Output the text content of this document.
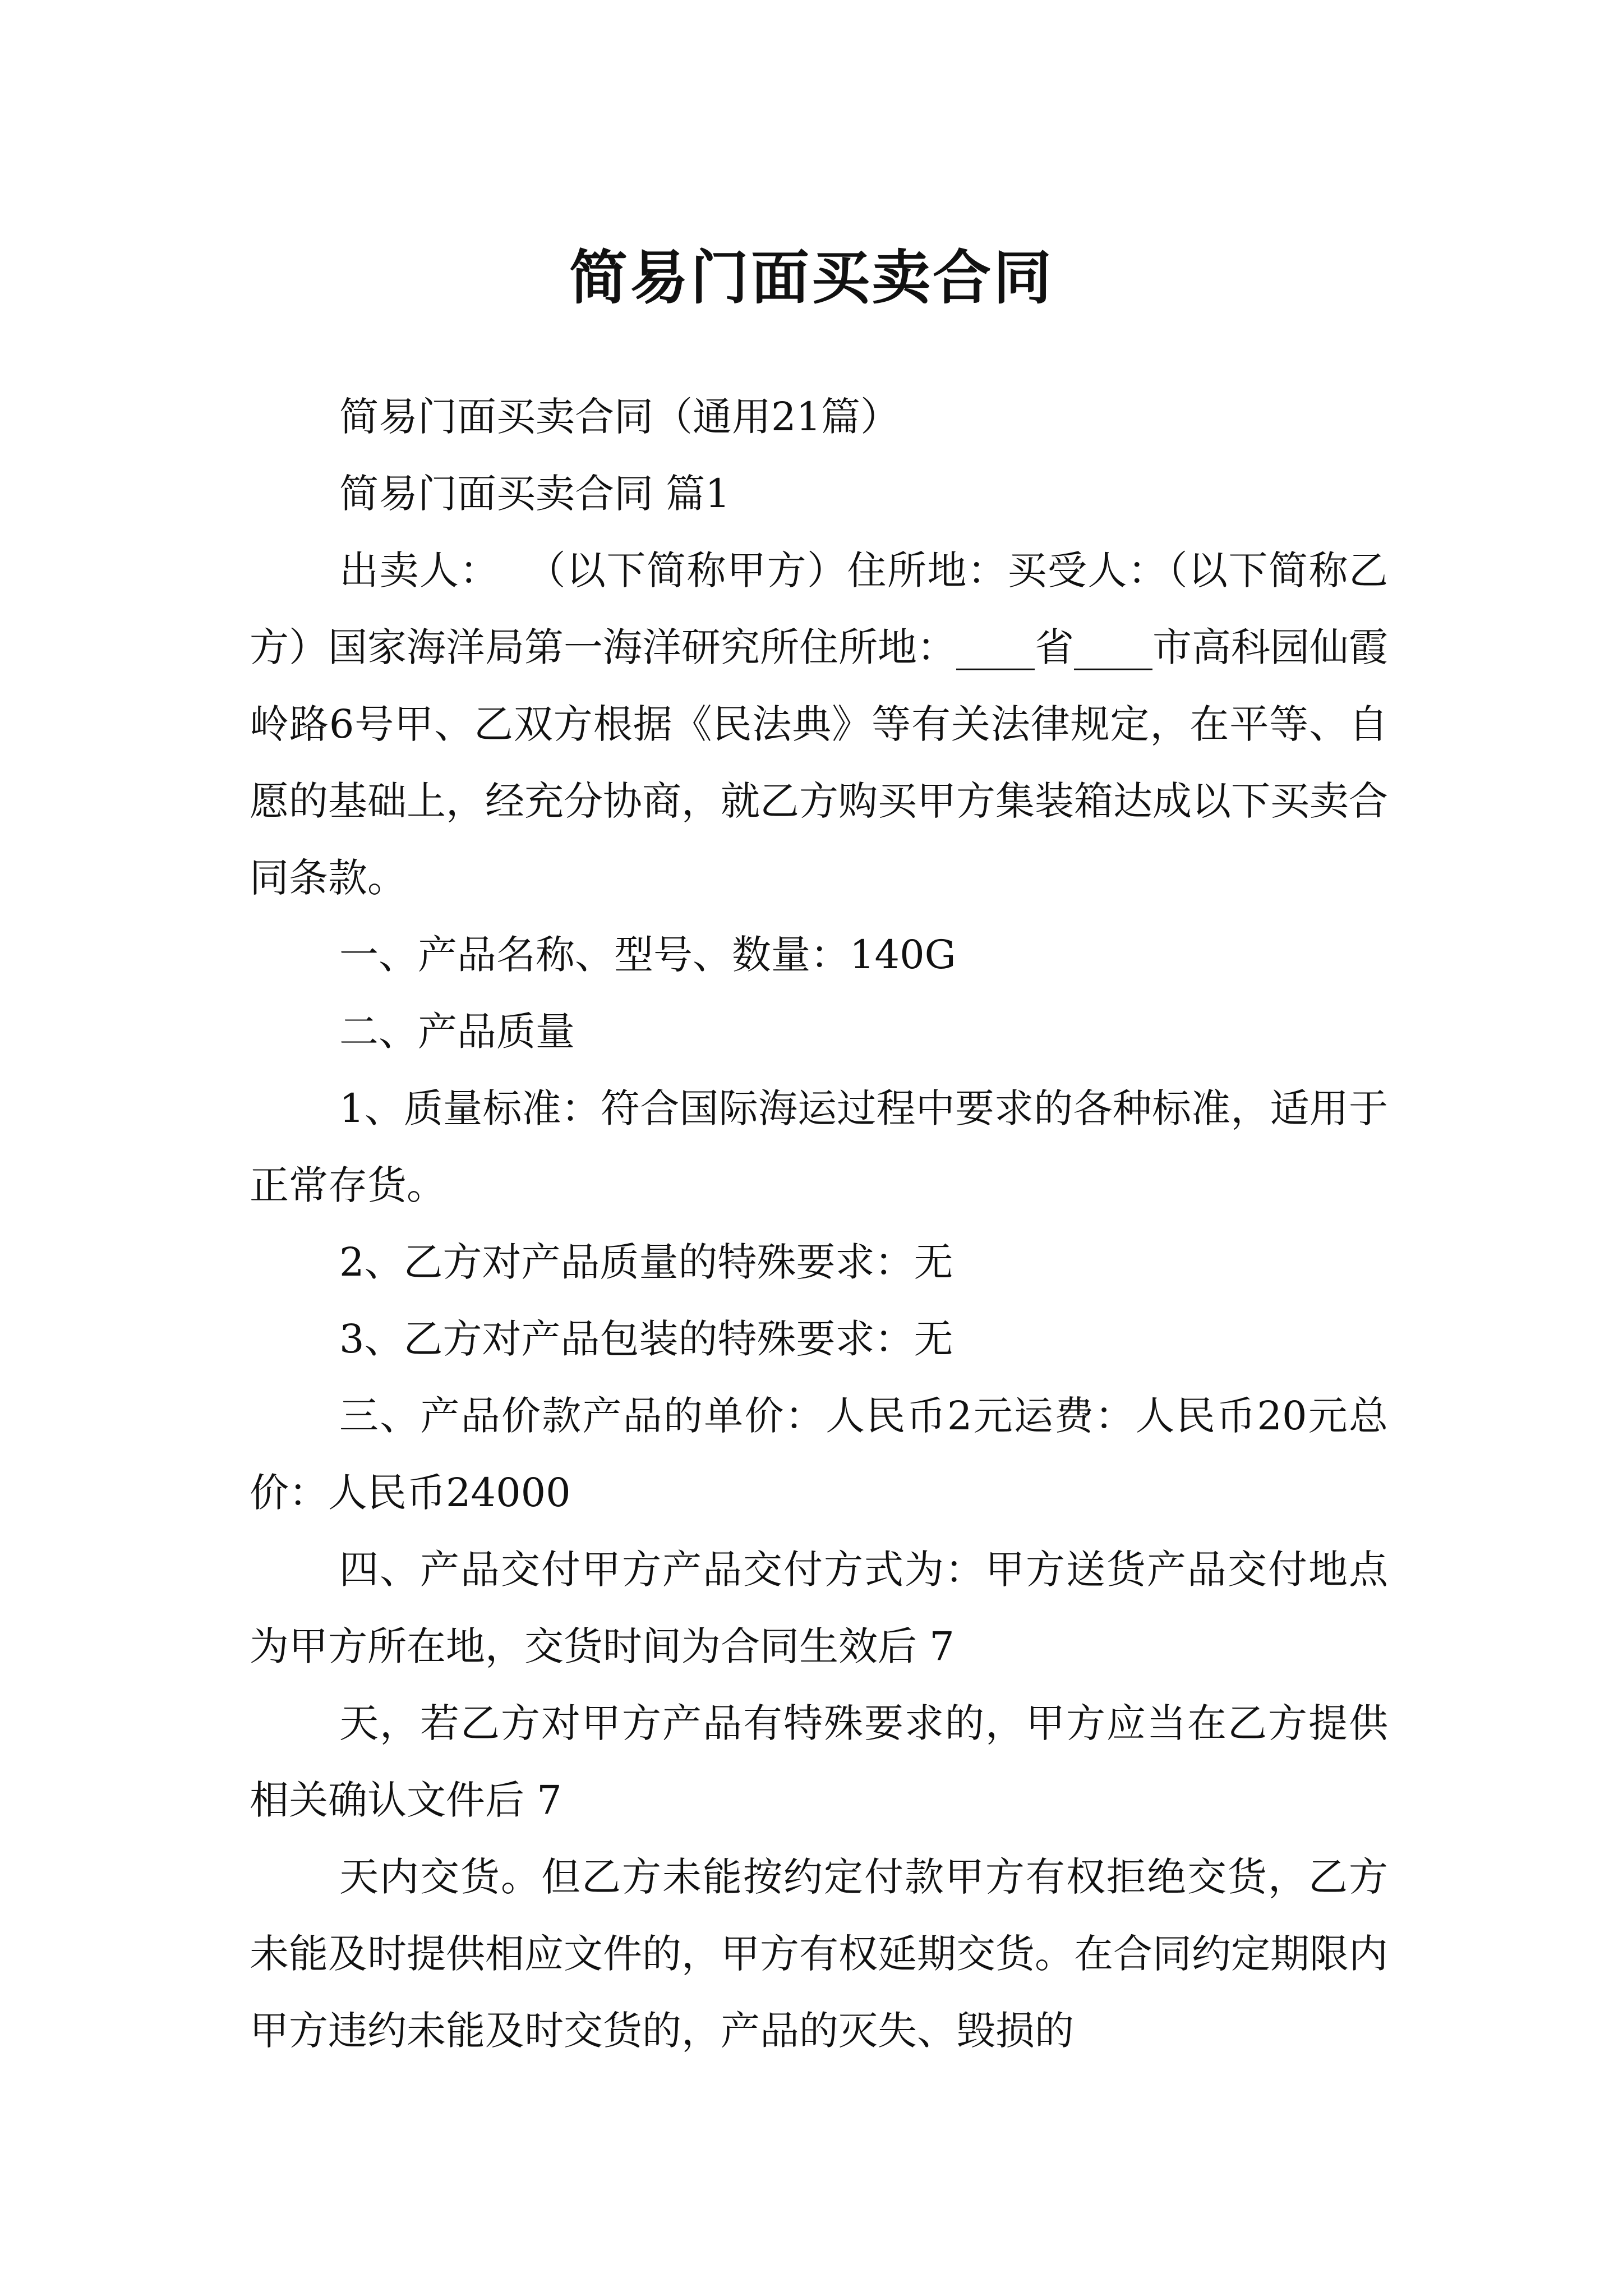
简易门面买卖合同

简易门面买卖合同（通用21篇）

简易门面买卖合同 篇1

出卖人：  （以下简称甲方）住所地：买受人：（以下简称乙方）国家海洋局第一海洋研究所住所地：____省____市高科园仙霞岭路6号甲、乙双方根据《民法典》等有关法律规定，在平等、自愿的基础上，经充分协商，就乙方购买甲方集装箱达成以下买卖合同条款。

一、产品名称、型号、数量：140G

二、产品质量

1、质量标准：符合国际海运过程中要求的各种标准，适用于正常存货。

2、乙方对产品质量的特殊要求：无

3、乙方对产品包装的特殊要求：无

三、产品价款产品的单价：人民币2元运费：人民币20元总价：人民币24000

四、产品交付甲方产品交付方式为：甲方送货产品交付地点为甲方所在地，交货时间为合同生效后 7

天，若乙方对甲方产品有特殊要求的，甲方应当在乙方提供相关确认文件后 7

天内交货。但乙方未能按约定付款甲方有权拒绝交货，乙方未能及时提供相应文件的，甲方有权延期交货。在合同约定期限内甲方违约未能及时交货的，产品的灭失、毁损的
